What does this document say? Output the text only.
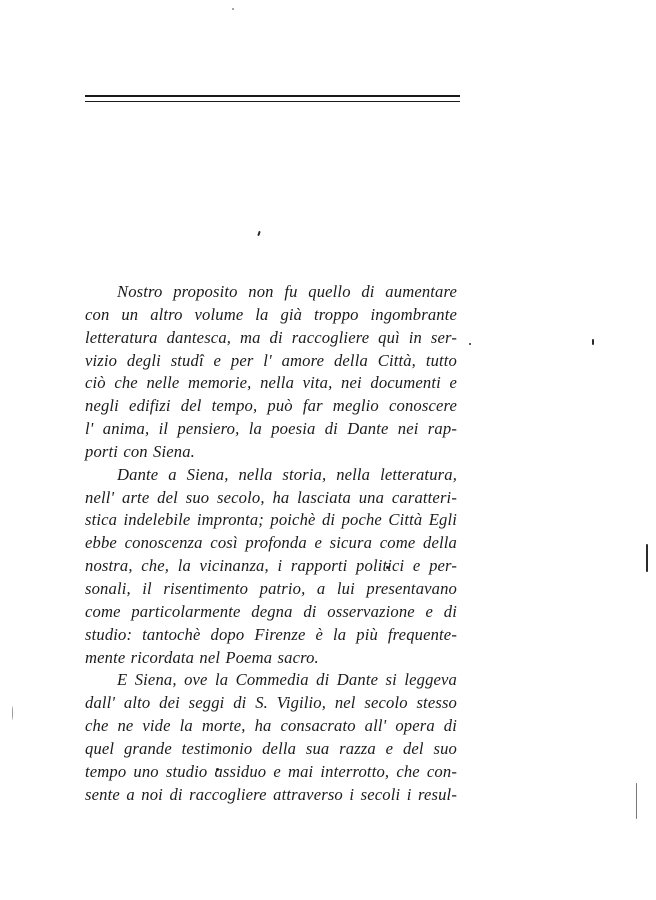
Nostro proposito non fu quello di aumentare
con un altro volume la già troppo ingombrante
letteratura dantesca, ma di raccogliere quì in ser-
vizio degli studî e per l' amore della Città, tutto
ciò che nelle memorie, nella vita, nei documenti e
negli edifizi del tempo, può far meglio conoscere
l' anima, il pensiero, la poesia di Dante nei rap-
porti con Siena.
Dante a Siena, nella storia, nella letteratura,
nell' arte del suo secolo, ha lasciata una caratteri-
stica indelebile impronta; poichè di poche Città Egli
ebbe conoscenza così profonda e sicura come della
nostra, che, la vicinanza, i rapporti politici e per-
sonali, il risentimento patrio, a lui presentavano
come particolarmente degna di osservazione e di
studio: tantochè dopo Firenze è la più frequente-
mente ricordata nel Poema sacro.
E Siena, ove la Commedia di Dante si leggeva
dall' alto dei seggi di S. Vigilio, nel secolo stesso
che ne vide la morte, ha consacrato all' opera di
quel grande testimonio della sua razza e del suo
tempo uno studio assiduo e mai interrotto, che con-
sente a noi di raccogliere attraverso i secoli i resul-
